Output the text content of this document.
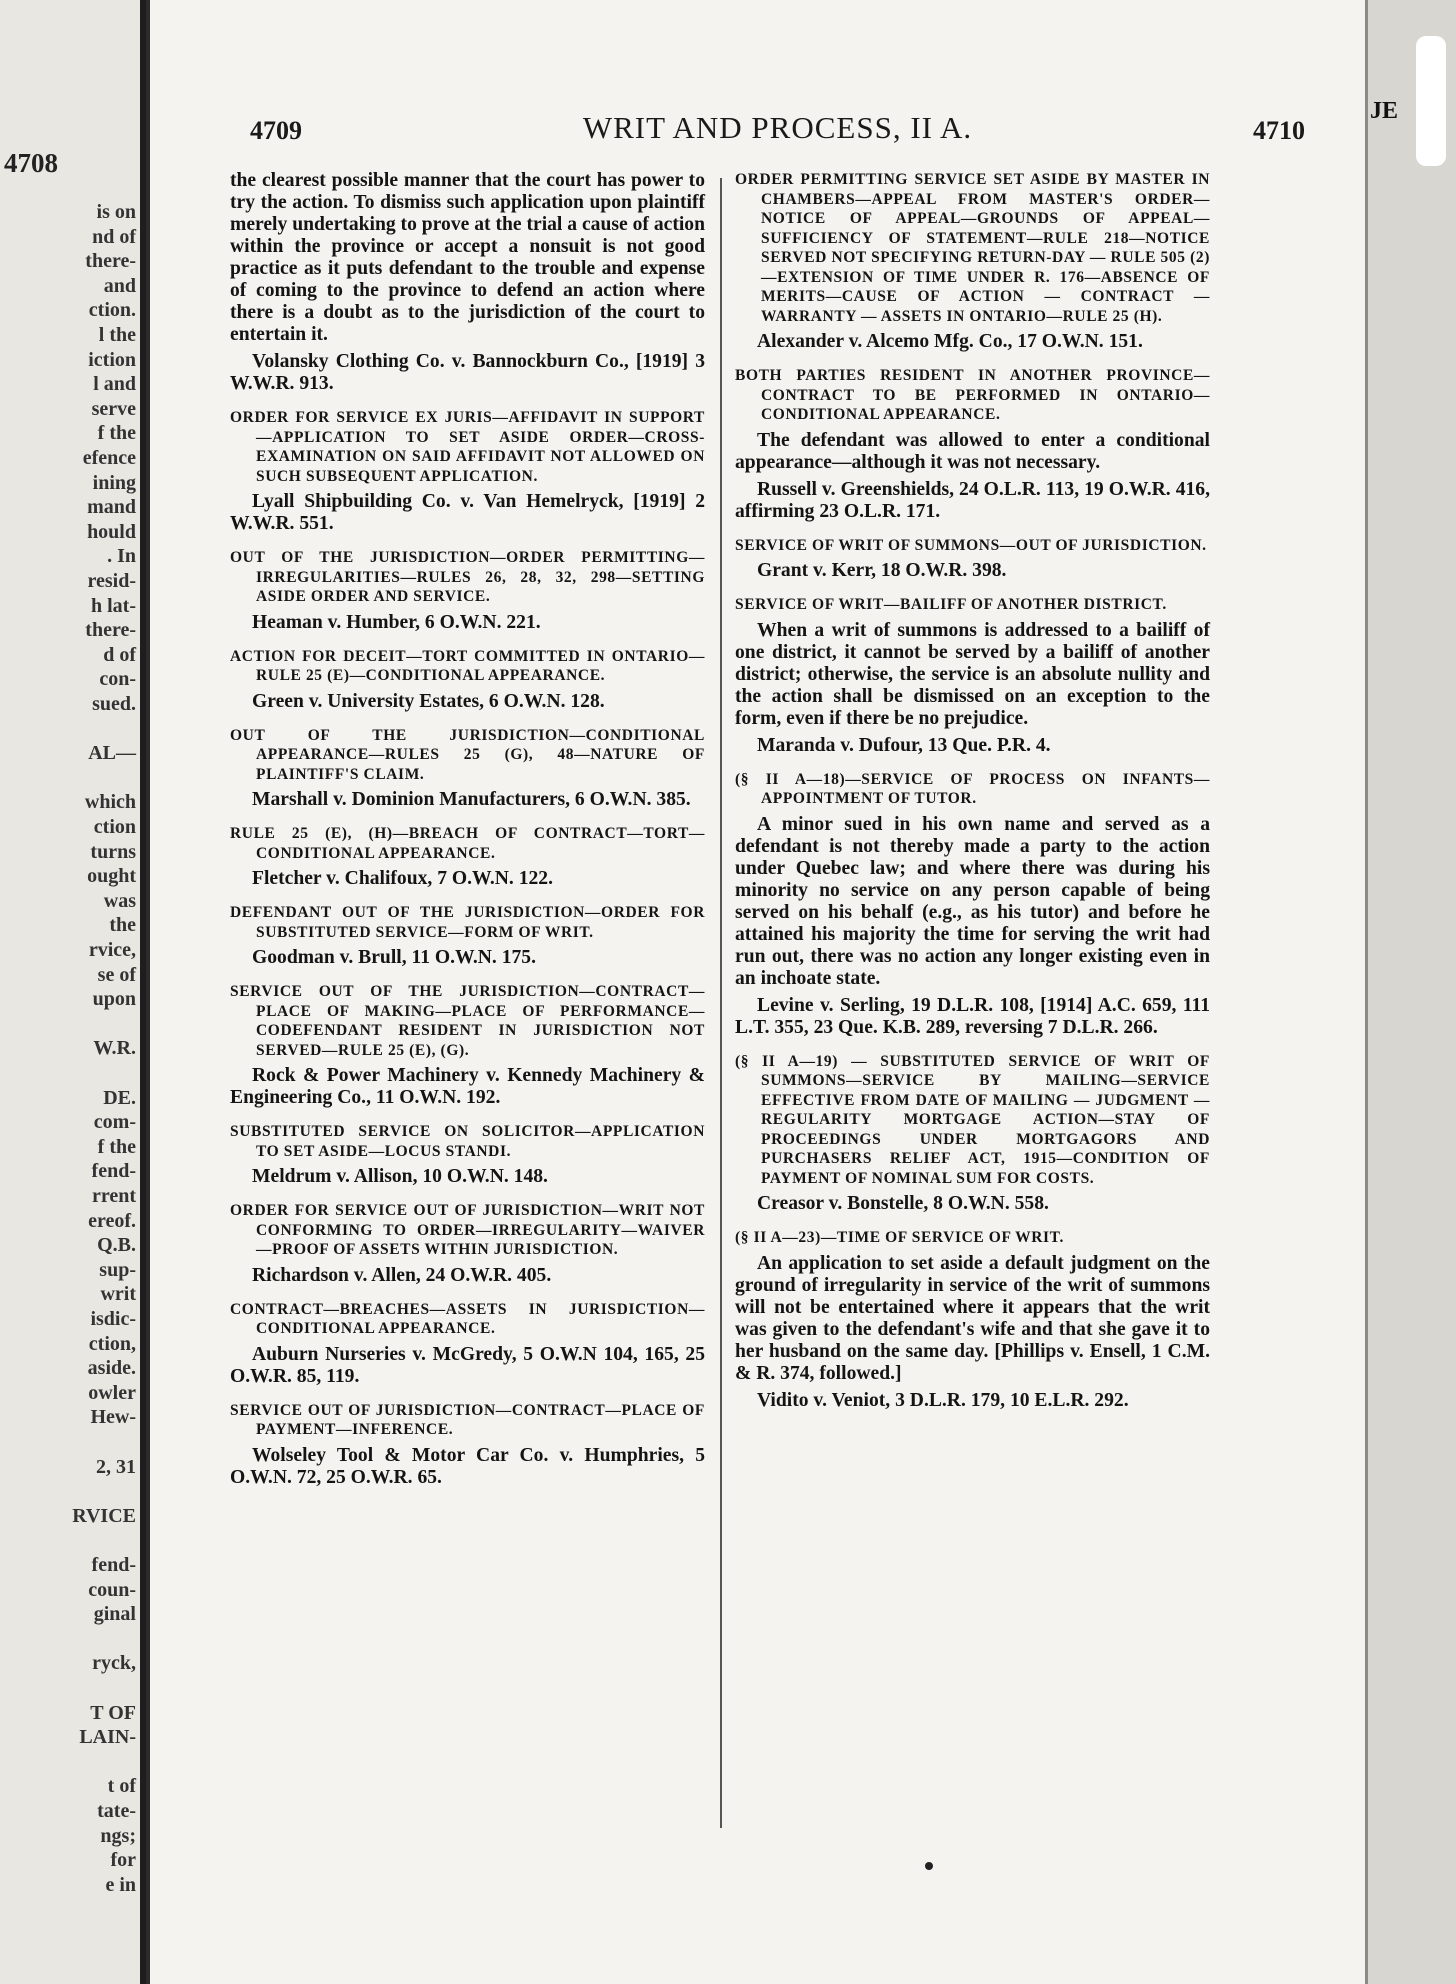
4708
is on
nd of
there-
and
ction.
l the
iction
l and
serve
f the
efence
ining
mand
hould
. In
resid-
h lat-
there-
d of
con-
sued.
AL—
which
ction
turns
ought
was
the
rvice,
se of
upon
W.R.
DE.
com-
f the
fend-
rrent
ereof.
Q.B.
sup-
writ
isdic-
ction,
aside.
owler
Hew-
2, 31
RVICE
fend-
coun-
ginal
ryck,
T OF
LAIN-
t of
tate-
ngs;
for
e in
4709	WRIT AND PROCESS, II A.	4710

the clearest possible manner that the court has power to try the action. To dismiss such application upon plaintiff merely undertaking to prove at the trial a cause of action within the province or accept a nonsuit is not good practice as it puts defendant to the trouble and expense of coming to the province to defend an action where there is a doubt as to the jurisdiction of the court to entertain it.

Volansky Clothing Co. v. Bannockburn Co., [1919] 3 W.W.R. 913.

ORDER FOR SERVICE EX JURIS—AFFIDAVIT IN SUPPORT—APPLICATION TO SET ASIDE ORDER—CROSS-EXAMINATION ON SAID AFFIDAVIT NOT ALLOWED ON SUCH SUBSEQUENT APPLICATION.

Lyall Shipbuilding Co. v. Van Hemelryck, [1919] 2 W.W.R. 551.

OUT OF THE JURISDICTION—ORDER PERMITTING—IRREGULARITIES—RULES 26, 28, 32, 298—SETTING ASIDE ORDER AND SERVICE.

Heaman v. Humber, 6 O.W.N. 221.

ACTION FOR DECEIT—TORT COMMITTED IN ONTARIO—RULE 25 (E)—CONDITIONAL APPEARANCE.

Green v. University Estates, 6 O.W.N. 128.

OUT OF THE JURISDICTION—CONDITIONAL APPEARANCE—RULES 25 (G), 48—NATURE OF PLAINTIFF'S CLAIM.

Marshall v. Dominion Manufacturers, 6 O.W.N. 385.

RULE 25 (E), (H)—BREACH OF CONTRACT—TORT—CONDITIONAL APPEARANCE.

Fletcher v. Chalifoux, 7 O.W.N. 122.

DEFENDANT OUT OF THE JURISDICTION—ORDER FOR SUBSTITUTED SERVICE—FORM OF WRIT.

Goodman v. Brull, 11 O.W.N. 175.

SERVICE OUT OF THE JURISDICTION—CONTRACT—PLACE OF MAKING—PLACE OF PERFORMANCE—CODEFENDANT RESIDENT IN JURISDICTION NOT SERVED—RULE 25 (E), (G).

Rock & Power Machinery v. Kennedy Machinery & Engineering Co., 11 O.W.N. 192.

SUBSTITUTED SERVICE ON SOLICITOR—APPLICATION TO SET ASIDE—LOCUS STANDI.

Meldrum v. Allison, 10 O.W.N. 148.

ORDER FOR SERVICE OUT OF JURISDICTION—WRIT NOT CONFORMING TO ORDER—IRREGULARITY—WAIVER—PROOF OF ASSETS WITHIN JURISDICTION.

Richardson v. Allen, 24 O.W.R. 405.

CONTRACT—BREACHES—ASSETS IN JURISDICTION—CONDITIONAL APPEARANCE.

Auburn Nurseries v. McGredy, 5 O.W.N 104, 165, 25 O.W.R. 85, 119.

SERVICE OUT OF JURISDICTION—CONTRACT—PLACE OF PAYMENT—INFERENCE.

Wolseley Tool & Motor Car Co. v. Humphries, 5 O.W.N. 72, 25 O.W.R. 65.

ORDER PERMITTING SERVICE SET ASIDE BY MASTER IN CHAMBERS—APPEAL FROM MASTER'S ORDER—NOTICE OF APPEAL—GROUNDS OF APPEAL—SUFFICIENCY OF STATEMENT—RULE 218—NOTICE SERVED NOT SPECIFYING RETURN-DAY — RULE 505 (2)—EXTENSION OF TIME UNDER R. 176—ABSENCE OF MERITS—CAUSE OF ACTION — CONTRACT — WARRANTY — ASSETS IN ONTARIO—RULE 25 (H).

Alexander v. Alcemo Mfg. Co., 17 O.W.N. 151.

BOTH PARTIES RESIDENT IN ANOTHER PROVINCE—CONTRACT TO BE PERFORMED IN ONTARIO—CONDITIONAL APPEARANCE.

The defendant was allowed to enter a conditional appearance—although it was not necessary.

Russell v. Greenshields, 24 O.L.R. 113, 19 O.W.R. 416, affirming 23 O.L.R. 171.

SERVICE OF WRIT OF SUMMONS—OUT OF JURISDICTION.

Grant v. Kerr, 18 O.W.R. 398.

SERVICE OF WRIT—BAILIFF OF ANOTHER DISTRICT.

When a writ of summons is addressed to a bailiff of one district, it cannot be served by a bailiff of another district; otherwise, the service is an absolute nullity and the action shall be dismissed on an exception to the form, even if there be no prejudice.

Maranda v. Dufour, 13 Que. P.R. 4.

(§ II A—18)—SERVICE OF PROCESS ON INFANTS—APPOINTMENT OF TUTOR.

A minor sued in his own name and served as a defendant is not thereby made a party to the action under Quebec law; and where there was during his minority no service on any person capable of being served on his behalf (e.g., as his tutor) and before he attained his majority the time for serving the writ had run out, there was no action any longer existing even in an inchoate state.

Levine v. Serling, 19 D.L.R. 108, [1914] A.C. 659, 111 L.T. 355, 23 Que. K.B. 289, reversing 7 D.L.R. 266.

(§ II A—19) — SUBSTITUTED SERVICE OF WRIT OF SUMMONS—SERVICE BY MAILING—SERVICE EFFECTIVE FROM DATE OF MAILING — JUDGMENT — REGULARITY MORTGAGE ACTION—STAY OF PROCEEDINGS UNDER MORTGAGORS AND PURCHASERS RELIEF ACT, 1915—CONDITION OF PAYMENT OF NOMINAL SUM FOR COSTS.

Creasor v. Bonstelle, 8 O.W.N. 558.

(§ II A—23)—TIME OF SERVICE OF WRIT.

An application to set aside a default judgment on the ground of irregularity in service of the writ of summons will not be entertained where it appears that the writ was given to the defendant's wife and that she gave it to her husband on the same day. [Phillips v. Ensell, 1 C.M. & R. 374, followed.]

Vidito v. Veniot, 3 D.L.R. 179, 10 E.L.R. 292.

JE
